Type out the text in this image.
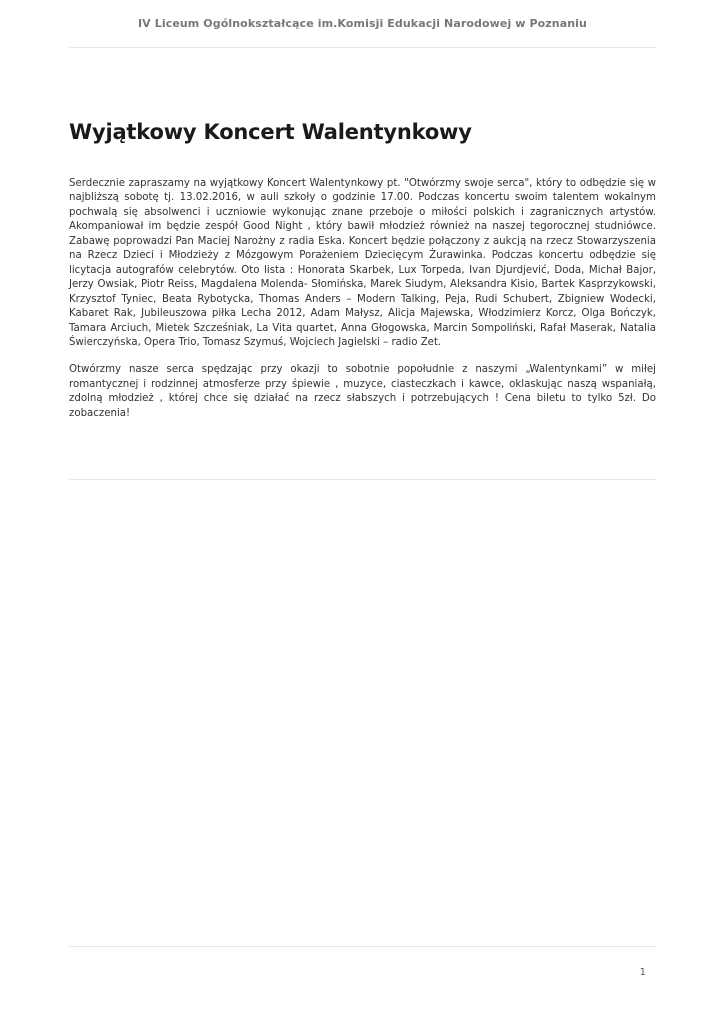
IV Liceum Ogólnokształcące im.Komisji Edukacji Narodowej w Poznaniu
Wyjątkowy Koncert Walentynkowy

Serdecznie zapraszamy na wyjątkowy Koncert Walentynkowy pt. "Otwórzmy swoje serca", który to odbędzie się w najbliższą sobotę tj. 13.02.2016, w auli szkoły o godzinie 17.00. Podczas koncertu swoim talentem wokalnym pochwalą się absolwenci i uczniowie wykonując znane przeboje o miłości polskich i zagranicznych artystów. Akompaniował im będzie zespół Good Night , który bawił młodzież również na naszej tegorocznej studniówce. Zabawę poprowadzi Pan Maciej Narożny z radia Eska. Koncert będzie połączony z aukcją na rzecz Stowarzyszenia na Rzecz Dzieci i Młodzieży z Mózgowym Porażeniem Dziecięcym Żurawinka. Podczas koncertu odbędzie się licytacja autografów celebrytów. Oto lista : Honorata Skarbek, Lux Torpeda, Ivan Djurdjević, Doda, Michał Bajor, Jerzy Owsiak, Piotr Reiss, Magdalena Molenda- Słomińska, Marek Siudym, Aleksandra Kisio, Bartek Kasprzykowski, Krzysztof Tyniec, Beata Rybotycka, Thomas Anders – Modern Talking, Peja, Rudi Schubert, Zbigniew Wodecki, Kabaret Rak, Jubileuszowa piłka Lecha 2012, Adam Małysz, Alicja Majewska, Włodzimierz Korcz, Olga Bończyk, Tamara Arciuch, Mietek Szcześniak, La Vita quartet, Anna Głogowska, Marcin Sompoliński, Rafał Maserak, Natalia Świerczyńska, Opera Trio, Tomasz Szymuś, Wojciech Jagielski – radio Zet.

Otwórzmy nasze serca spędzając przy okazji to sobotnie popołudnie z naszymi „Walentynkami” w miłej romantycznej i rodzinnej atmosferze przy śpiewie , muzyce, ciasteczkach i kawce, oklaskując naszą wspaniałą, zdolną młodzież , której chce się działać na rzecz słabszych i potrzebujących ! Cena biletu to tylko 5zł. Do zobaczenia!

1
